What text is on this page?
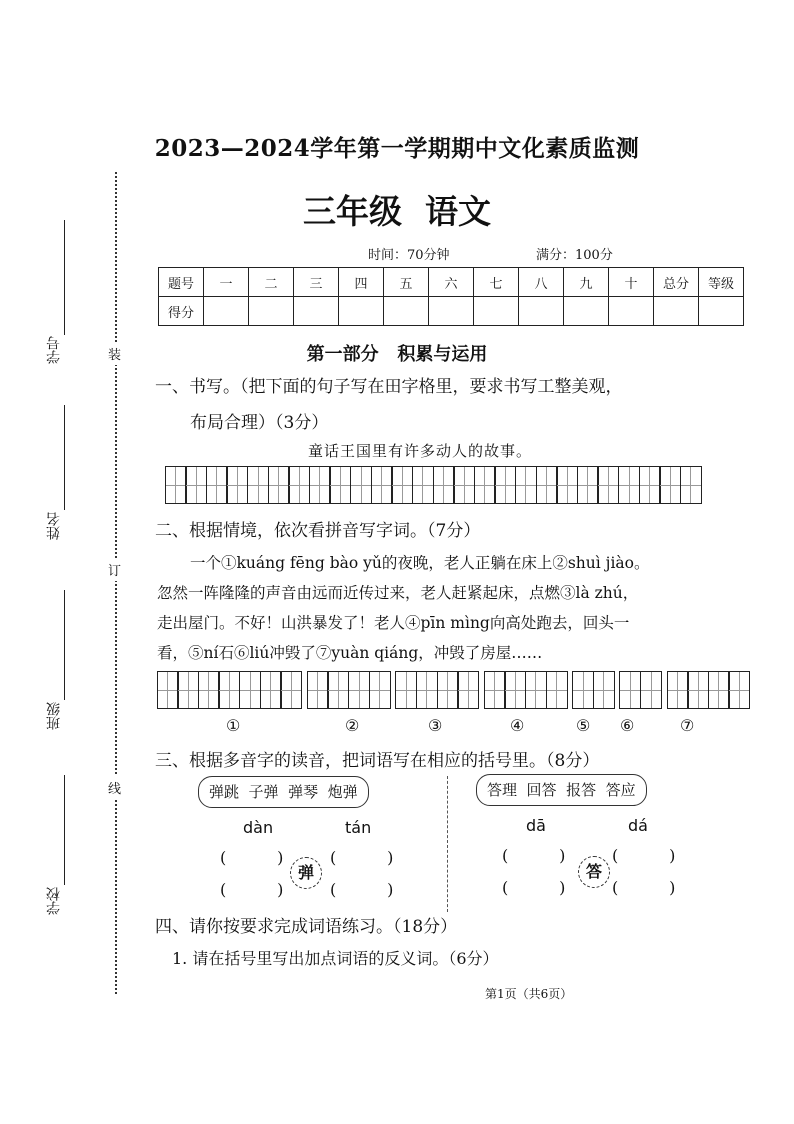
学号
姓名
班级
学校
装
订
线
2023—2024学年第一学期期中文化素质监测
三年级  语文
时间：70分钟	满分：100分
题号	一	二	三	四	五	六	七	八	九	十	总分	等级
得分												
第一部分   积累与运用
一、书写。（把下面的句子写在田字格里，要求书写工整美观，
布局合理）（3分）
童话王国里有许多动人的故事。
二、根据情境，依次看拼音写字词。（7分）
一个①kuáng fēng bào yǔ的夜晚，老人正躺在床上②shuì jiào。
忽然一阵隆隆的声音由远而近传过来，老人赶紧起床，点燃③là zhú，
走出屋门。不好！山洪暴发了！老人④pīn mìng向高处跑去，回头一
看，⑤ní石⑥liú冲毁了⑦yuàn qiáng，冲毁了房屋……
①	②	③	④	⑤ ⑥	⑦
三、根据多音字的读音，把词语写在相应的括号里。（8分）
弹跳  子弹  弹琴  炮弹	答理  回答  报答  答应
dàn	tán	dā	dá
(          )	(          )
(          )	(          )
弹
(          )	(          )
(          )	(          )
答
四、请你按要求完成词语练习。（18分）
1. 请在括号里写出加点词语的反义词。（6分）
第1页（共6页）
